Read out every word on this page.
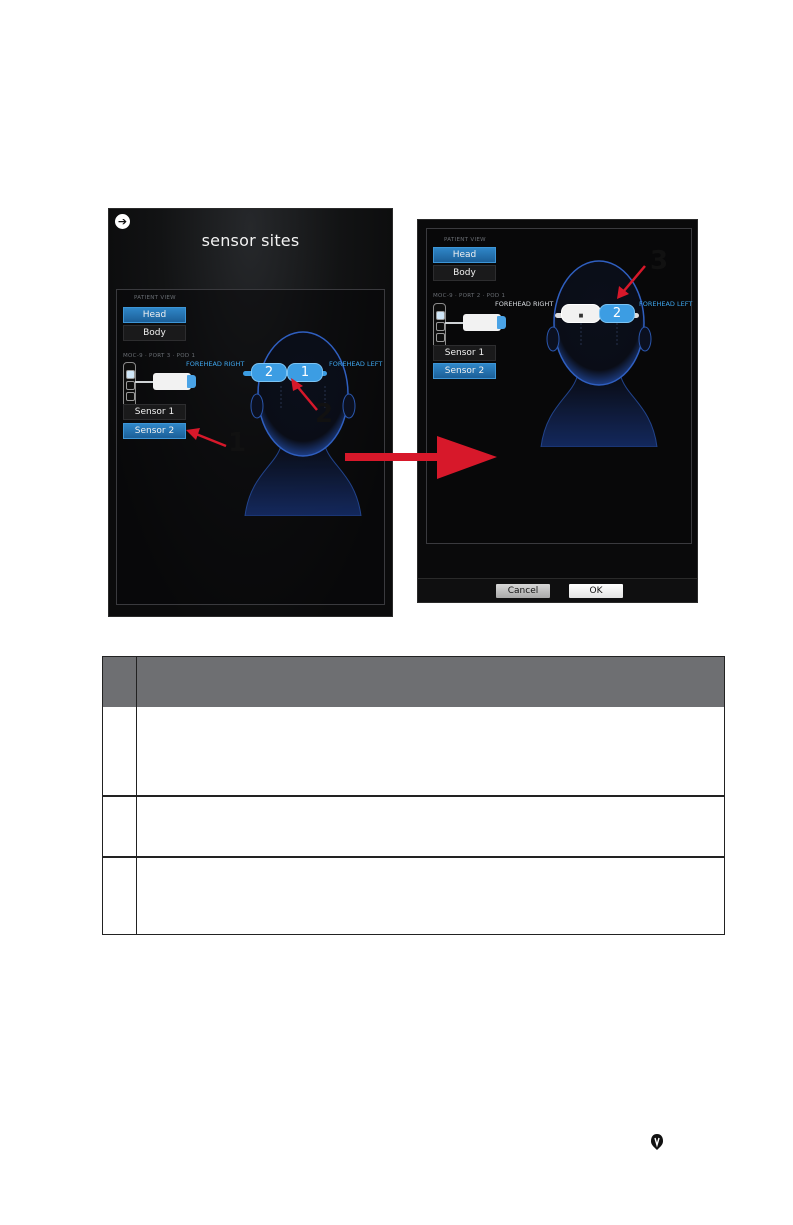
➔
sensor sites
PATIENT VIEW
Head
Body
MOC-9 · PORT 3 · POD 1
Sensor 1
Sensor 2
FOREHEAD RIGHT	FOREHEAD LEFT
2	1
PATIENT VIEW
Head
Body
MOC-9 · PORT 2 · POD 1
Sensor 1
Sensor 2
FOREHEAD RIGHT	FOREHEAD LEFT
■	2
Cancel	OK
1
2
3
